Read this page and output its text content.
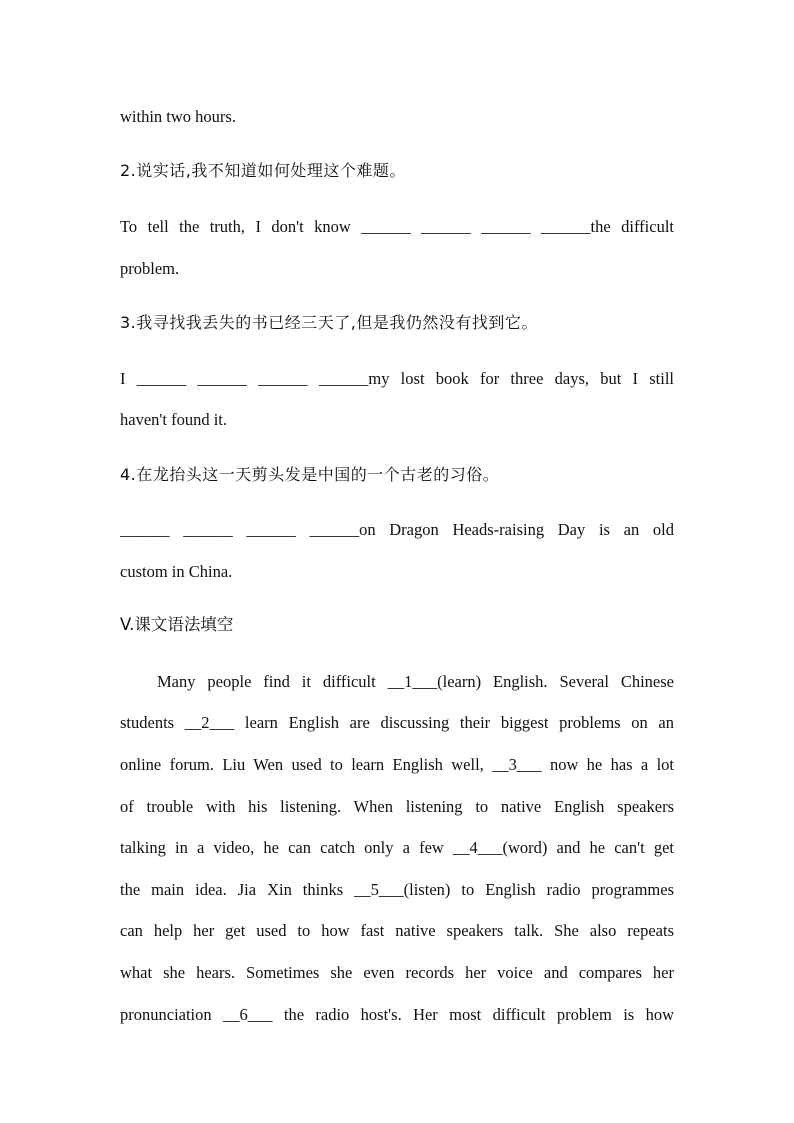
within two hours.
2.说实话,我不知道如何处理这个难题。
To tell the truth, I don't know ______ ______ ______ ______the difficult
problem.
3.我寻找我丢失的书已经三天了,但是我仍然没有找到它。
I ______ ______ ______ ______my lost book for three days, but I still
haven't found it.
4.在龙抬头这一天剪头发是中国的一个古老的习俗。
______ ______ ______ ______on Dragon Heads-raising Day is an old
custom in China.
V.课文语法填空
Many people find it difficult __1___(learn) English. Several Chinese
students __2___ learn English are discussing their biggest problems on an
online forum. Liu Wen used to learn English well, __3___ now he has a lot
of trouble with his listening. When listening to native English speakers
talking in a video, he can catch only a few __4___(word) and he can't get
the main idea. Jia Xin thinks __5___(listen) to English radio programmes
can help her get used to how fast native speakers talk. She also repeats
what she hears. Sometimes she even records her voice and compares her
pronunciation __6___ the radio host's. Her most difficult problem is how
